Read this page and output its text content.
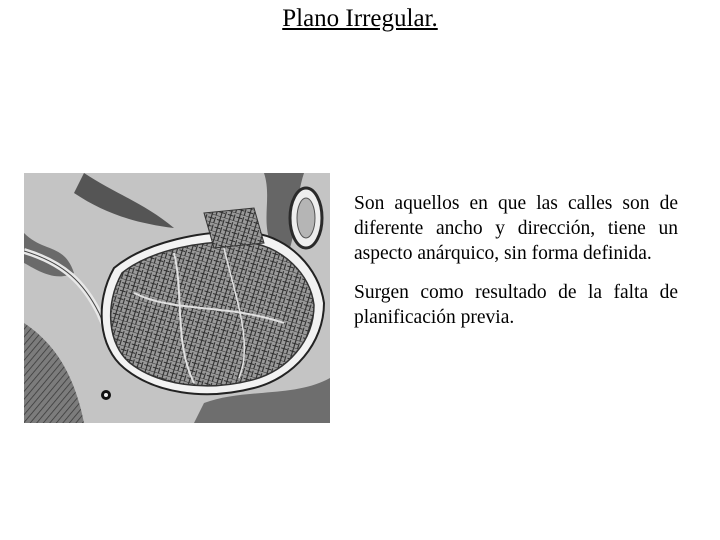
Plano Irregular.

Son aquellos en que las calles son de diferente ancho y dirección, tiene un aspecto anárquico, sin forma definida.

Surgen como resultado de la falta de planificación previa.
